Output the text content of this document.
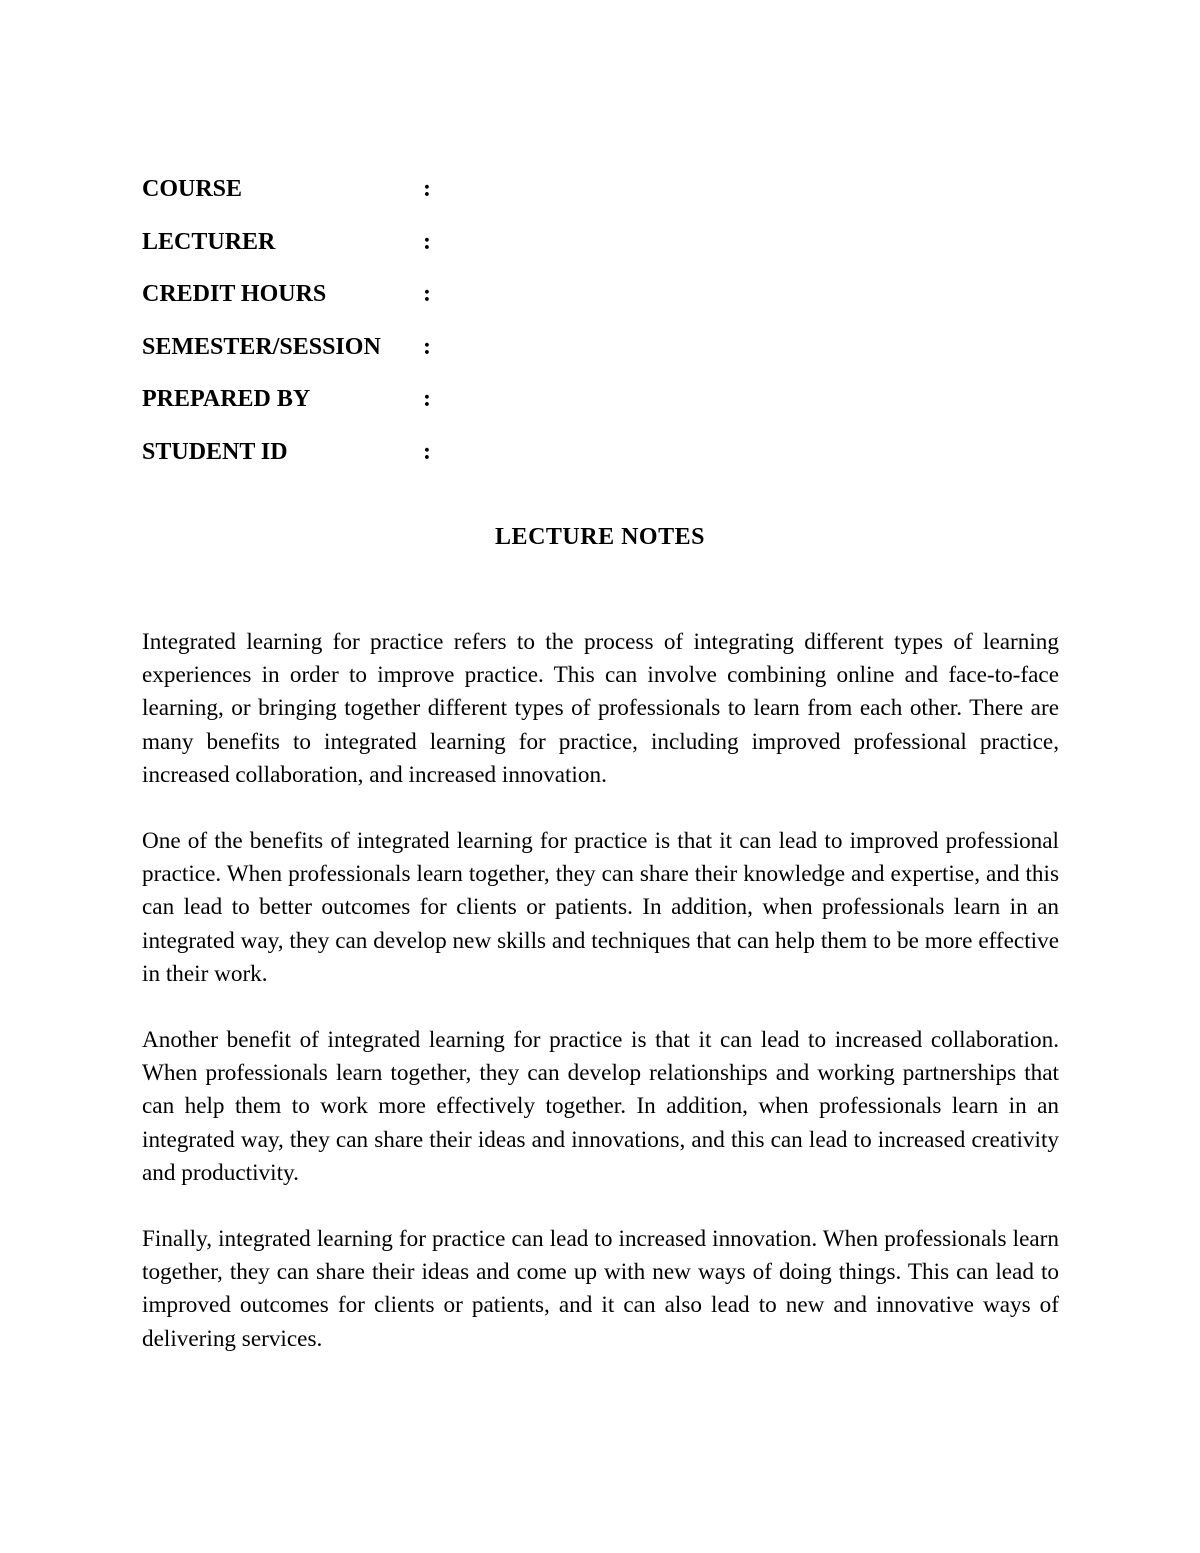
COURSE	:
LECTURER	:
CREDIT HOURS	:
SEMESTER/SESSION :
PREPARED BY	:
STUDENT ID	:
LECTURE NOTES

Integrated learning for practice refers to the process of integrating different types of learning experiences in order to improve practice. This can involve combining online and face-to-face learning, or bringing together different types of professionals to learn from each other. There are many benefits to integrated learning for practice, including improved professional practice, increased collaboration, and increased innovation.

One of the benefits of integrated learning for practice is that it can lead to improved professional practice. When professionals learn together, they can share their knowledge and expertise, and this can lead to better outcomes for clients or patients. In addition, when professionals learn in an integrated way, they can develop new skills and techniques that can help them to be more effective in their work.

Another benefit of integrated learning for practice is that it can lead to increased collaboration. When professionals learn together, they can develop relationships and working partnerships that can help them to work more effectively together. In addition, when professionals learn in an integrated way, they can share their ideas and innovations, and this can lead to increased creativity and productivity.

Finally, integrated learning for practice can lead to increased innovation. When professionals learn together, they can share their ideas and come up with new ways of doing things. This can lead to improved outcomes for clients or patients, and it can also lead to new and innovative ways of delivering services.
